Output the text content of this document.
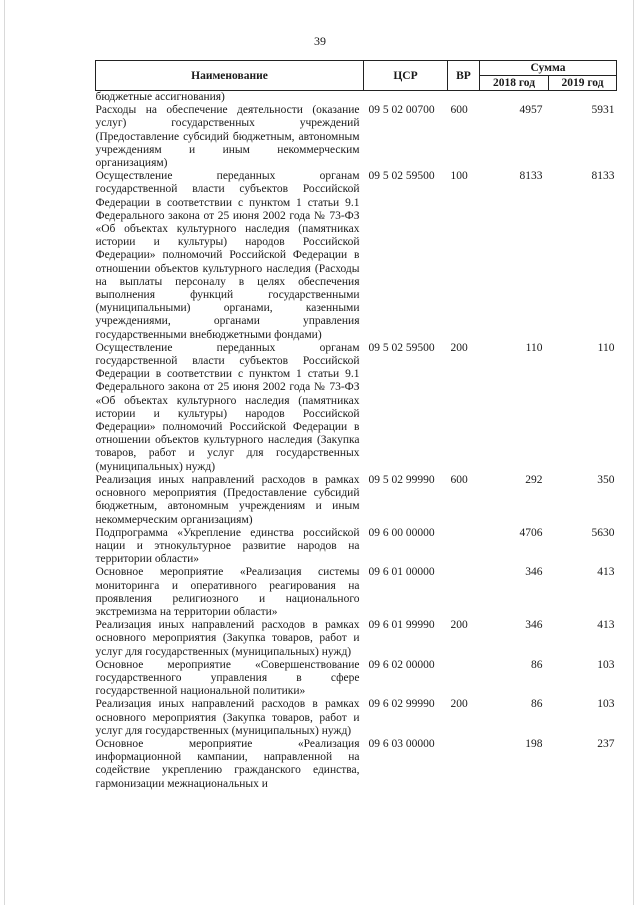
39
Наименование	ЦСР	ВР	Сумма	
			2018 год	2019 год
бюджетные ассигнования)				
Расходы на обеспечение деятельности (оказание услуг) государственных учреждений (Предоставление субсидий бюджетным, автономным учреждениям и иным некоммерческим организациям)	09 5 02 00700	600	4957	5931
Осуществление переданных органам государственной власти субъектов Российской Федерации в соответствии с пунктом 1 статьи 9.1 Федерального закона от 25 июня 2002 года № 73-ФЗ «Об объектах культурного наследия (памятниках истории и культуры) народов Российской Федерации» полномочий Российской Федерации в отношении объектов культурного наследия (Расходы на выплаты персоналу в целях обеспечения выполнения функций государственными (муниципальными) органами, казенными учреждениями, органами управления государственными внебюджетными фондами)	09 5 02 59500	100	8133	8133
Осуществление переданных органам государственной власти субъектов Российской Федерации в соответствии с пунктом 1 статьи 9.1 Федерального закона от 25 июня 2002 года № 73-ФЗ «Об объектах культурного наследия (памятниках истории и культуры) народов Российской Федерации» полномочий Российской Федерации в отношении объектов культурного наследия (Закупка товаров, работ и услуг для государственных (муниципальных) нужд)	09 5 02 59500	200	110	110
Реализация иных направлений расходов в рамках основного мероприятия (Предоставление субсидий бюджетным, автономным учреждениям и иным некоммерческим организациям)	09 5 02 99990	600	292	350
Подпрограмма «Укрепление единства российской нации и этнокультурное развитие народов на территории области»	09 6 00 00000		4706	5630
Основное мероприятие «Реализация системы мониторинга и оперативного реагирования на проявления религиозного и национального экстремизма на территории области»	09 6 01 00000		346	413
Реализация иных направлений расходов в рамках основного мероприятия (Закупка товаров, работ и услуг для государственных (муниципальных) нужд)	09 6 01 99990	200	346	413
Основное мероприятие «Совершенствование государственного управления в сфере государственной национальной политики»	09 6 02 00000		86	103
Реализация иных направлений расходов в рамках основного мероприятия (Закупка товаров, работ и услуг для государственных (муниципальных) нужд)	09 6 02 99990	200	86	103
Основное мероприятие «Реализация информационной кампании, направленной на содействие укреплению гражданского единства, гармонизации межнациональных и	09 6 03 00000		198	237
